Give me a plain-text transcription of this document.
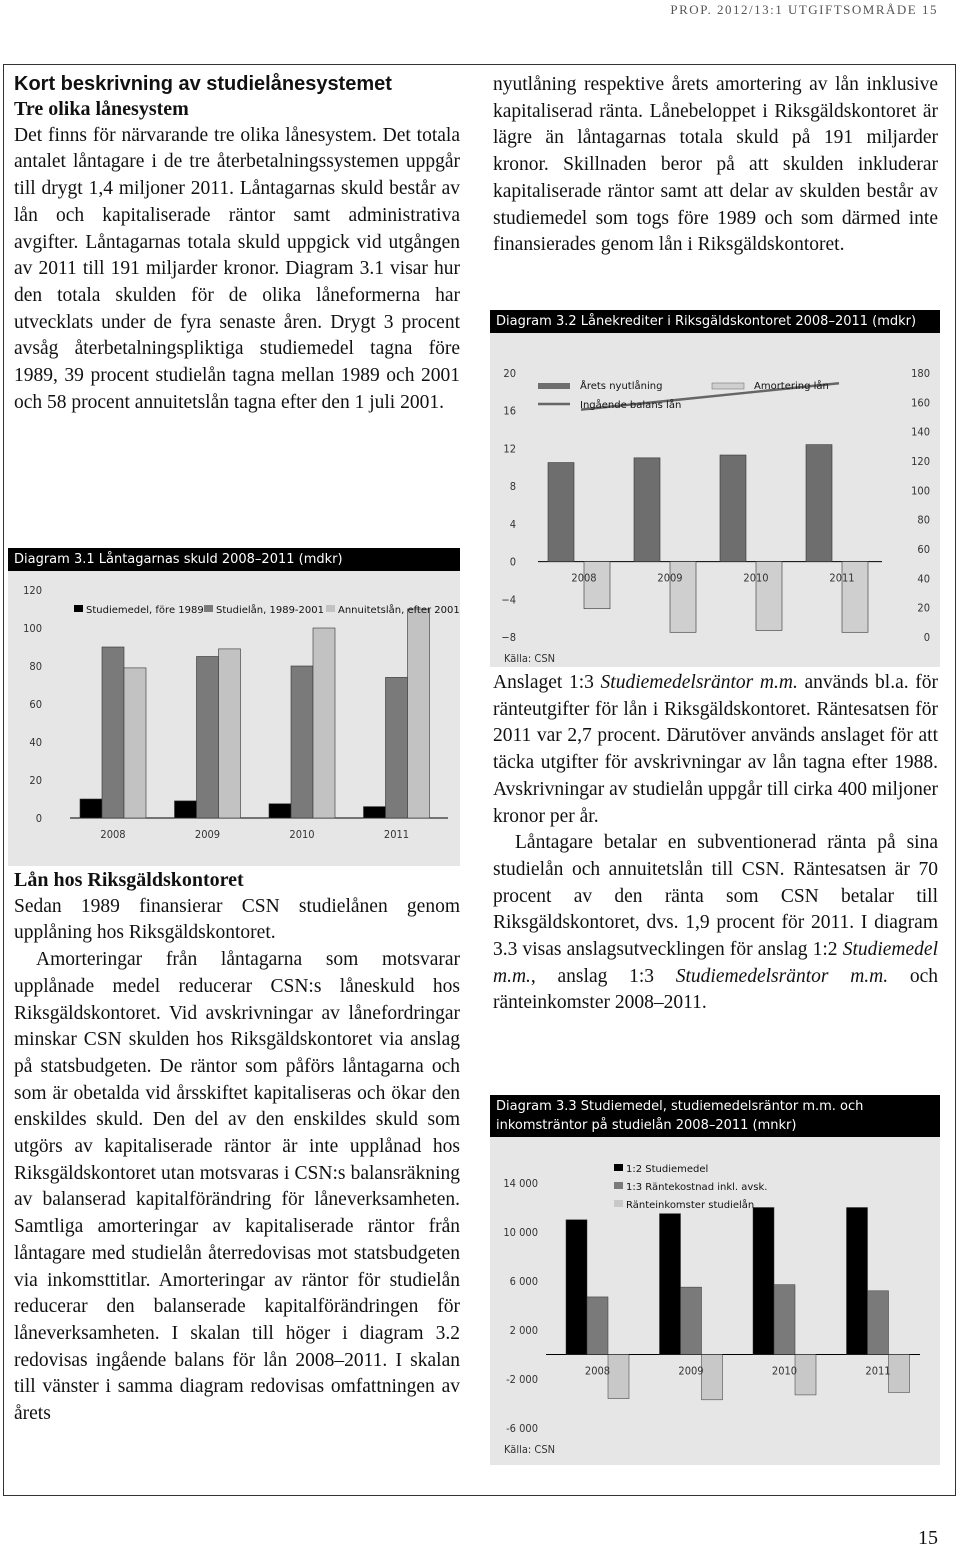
PROP. 2012/13:1 UTGIFTSOMRÅDE 15

Kort beskrivning av studielånesystemet

Tre olika lånesystem

Det finns för närvarande tre olika lånesystem. Det totala antalet låntagare i de tre återbetalningssystemen uppgår till drygt 1,4 miljoner 2011. Låntagarnas skuld består av lån och kapitaliserade räntor samt administrativa avgifter. Låntagarnas totala skuld uppgick vid utgången av 2011 till 191 miljarder kronor. Diagram 3.1 visar hur den totala skulden för de olika låneformerna har utvecklats under de fyra senaste åren. Drygt 3 procent avsåg återbetalningspliktiga studiemedel tagna före 1989, 39 procent studielån tagna mellan 1989 och 2001 och 58 procent annuitetslån tagna efter den 1 juli 2001.

Lån hos Riksgäldskontoret

Sedan 1989 finansierar CSN studielånen genom upplåning hos Riksgäldskontoret.

Amorteringar från låntagarna som motsvarar upplånade medel reducerar CSN:s låneskuld hos Riksgäldskontoret. Vid avskrivningar av lånefordringar minskar CSN skulden hos Riksgäldskontoret via anslag på statsbudgeten. De räntor som påförs låntagarna och som är obetalda vid årsskiftet kapitaliseras och ökar den enskildes skuld. Den del av den enskildes skuld som utgörs av kapitaliserade räntor är inte upplånad hos Riksgäldskontoret utan motsvaras i CSN:s balansräkning av balanserad kapitalförändring för låneverksamheten. Samtliga amorteringar av kapitaliserade räntor från låntagare med studielån återredovisas mot statsbudgeten via inkomsttitlar. Amorteringar av räntor för studielån reducerar den balanserade kapitalförändringen för låneverksamheten. I skalan till höger i diagram 3.2 redovisas ingående balans för lån 2008–2011. I skalan till vänster i samma diagram redovisas omfattningen av årets

nyutlåning respektive årets amortering av lån inklusive kapitaliserad ränta. Lånebeloppet i Riksgäldskontoret är lägre än låntagarnas totala skuld på 191 miljarder kronor. Skillnaden beror på att skulden inkluderar kapitaliserade räntor samt att delar av skulden består av studiemedel som togs före 1989 och som därmed inte finansierades genom lån i Riksgäldskontoret.

Anslaget 1:3 Studiemedelsräntor m.m. används bl.a. för ränteutgifter för lån i Riksgäldskontoret. Räntesatsen för 2011 var 2,7 procent. Därutöver används anslaget för att täcka utgifter för avskrivningar av lån tagna efter 1988. Avskrivningar av studielån uppgår till cirka 400 miljoner kronor per år.

Låntagare betalar en subventionerad ränta på sina studielån och annuitetslån till CSN. Räntesatsen är 70 procent av den ränta som CSN betalar till Riksgäldskontoret, dvs. 1,9 procent för 2011. I diagram 3.3 visas anslagsutvecklingen för anslag 1:2 Studiemedel m.m., anslag 1:3 Studiemedelsräntor m.m. och ränteinkomster 2008–2011.

Diagram 3.1 Låntagarnas skuld 2008–2011 (mdkr)
120
100
80
60
40
20
0
2008	2009	2010	2011
Studiemedel, före 1989 Studielån, 1989-2001 Annuitetslån, efter 2001
Diagram 3.2 Lånekrediter i Riksgäldskontoret 2008–2011 (mdkr)
20
16
12
8
4
0
−4
−8
180
160
140
120
100
80
60
40
20
0
2008	2009	2010	2011
Årets nyutlåning	Amortering lån
Ingående balans lån
Källa: CSN
Diagram 3.3 Studiemedel, studiemedelsräntor m.m. och inkomsträntor på studielån 2008–2011 (mnkr)
14 000
10 000
6 000
2 000
-2 000
-6 000
2008	2009	2010	2011
1:2 Studiemedel
1:3 Räntekostnad inkl. avsk.
Ränteinkomster studielån
Källa: CSN
15
